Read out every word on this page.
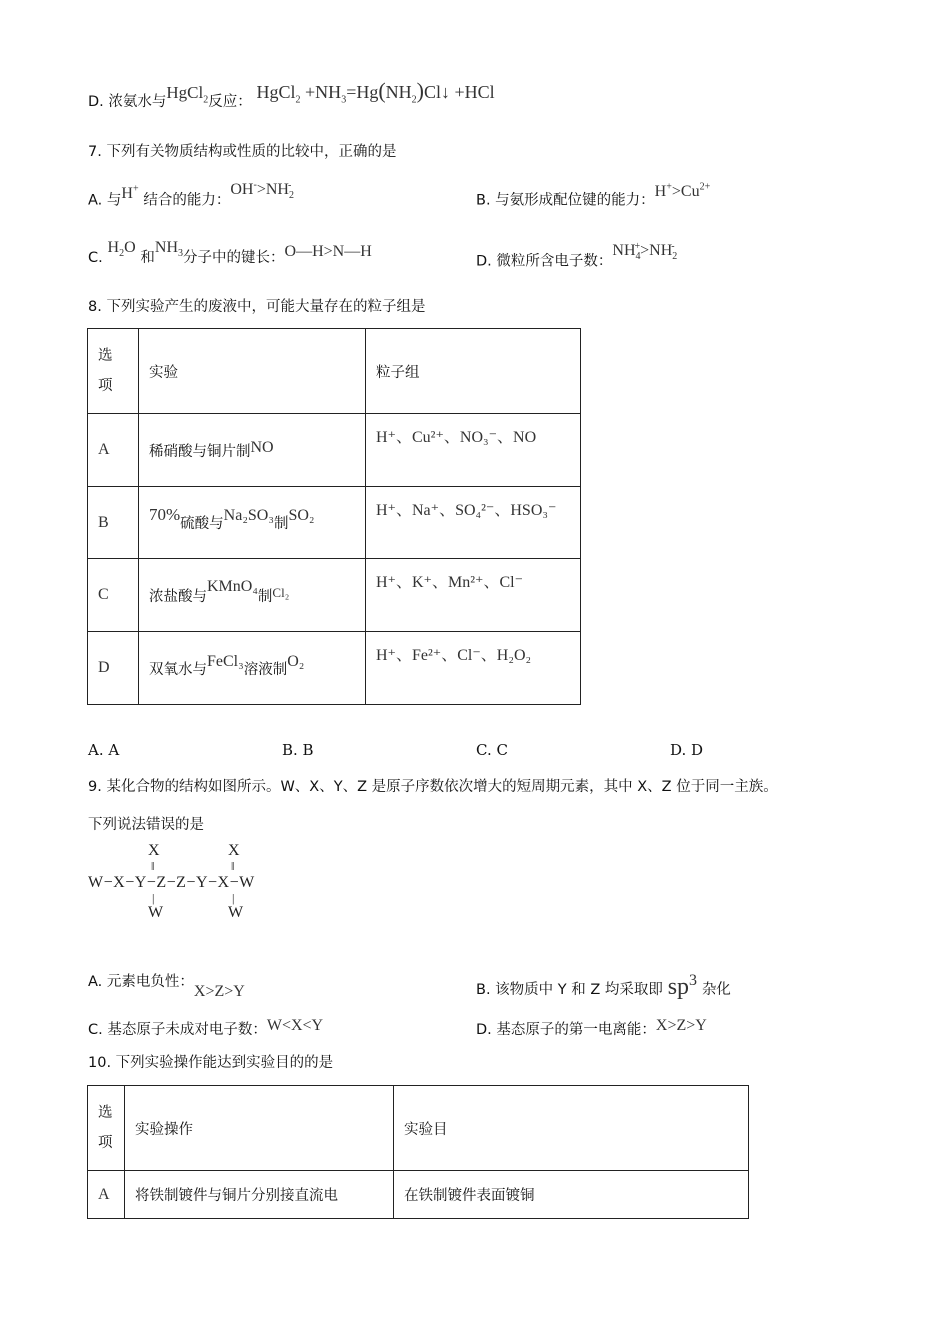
D. 浓氨水与HgCl$_2$反应： HgCl$_2$ $+NH_3=Hg(NH_2)Cl↓ +HCl$
7. 下列有关物质结构或性质的比较中，正确的是
A. 与H+ 结合的能力：$OH^->NH_2^-$
B. 与氨形成配位键的能力：$H^+>Cu^{2+}$
C. $H_2O$ 和$NH_3$分子中的键长：O—H>N—H
D. 微粒所含电子数：$NH_4^+>NH_2^-$
8. 下列实验产生的废液中，可能大量存在的粒子组是
选
项	实验	粒子组
A	稀硝酸与铜片制NO	H⁺、Cu²⁺、NO₃⁻、NO
B	70%硫酸与Na₂SO₃制SO₂	H⁺、Na⁺、SO₄²⁻、HSO₃⁻
C	浓盐酸与KMnO₄制Cl₂	H⁺、K⁺、Mn²⁺、Cl⁻
D	双氧水与FeCl₃溶液制O₂	H⁺、Fe²⁺、Cl⁻、H₂O₂
A. A	B. B	C. C	D. D
9. 某化合物的结构如图所示。W、X、Y、Z 是原子序数依次增大的短周期元素，其中 X、Z 位于同一主族。
下列说法错误的是
X
‖
X
‖
W−X−Y−Z−Z−Y−X−W
|
W
|
W
A. 元素电负性：X>Z>Y	B. 该物质中 Y 和 Z 均采取即 $sp^3$ 杂化
C. 基态原子未成对电子数：W<X<Y	D. 基态原子的第一电离能：X>Z>Y
10. 下列实验操作能达到实验目的的是
选
项	实验操作	实验目
A	将铁制镀件与铜片分别接直流电	在铁制镀件表面镀铜
